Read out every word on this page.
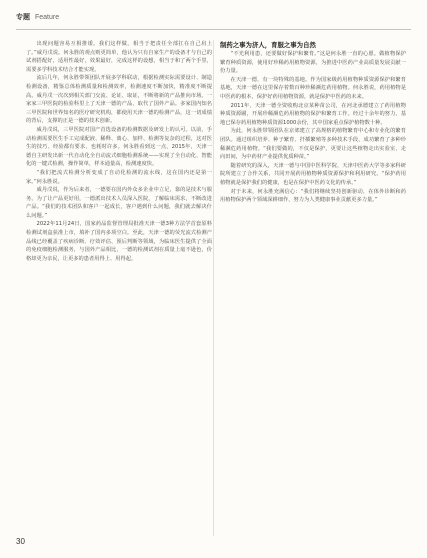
专题 Feature

出现问题容易互相推诿。我们这样做，相当于把责任全部扛在自己肩上了。”威丹戊说。何永胜的观点则更简单，他认为只有自家生产的设备才与自己的试剂搭配好，适用性最好，效果最好，完成这样的设想，相当于和了两个手里，需要多学科技术结合才能实现。

流后几年，何永胜带领团队开展多学科联动，根据检测实际需要设计、制造检测设备，精鉴总体检测质量和检测效率，检测速度不断加快，精准度不断提高。威丹戊一次次到相关部门交流、论证、取证，不断将新的产品推向市场。一家家三甲医院的检验科里上了天津一德的产品，取代了国外产品。多家国内知名三甲医院和世界知名的医疗研究机构，都使用天津一德的检测产品，这一切成绩的背后，支撑的正是一德的技术创新。

威丹戊说，三甲医院对国产首选设备的检测数据及研发上的认可。以前，手动检测需要医生手工完成配液、稀释、离心、加样、检测等复杂的过程，这对医生的技巧、经验都有要求，也耗时许多。何永胜看到这一点，2015年，天津一德自主研发出新一代自动化全自动流式细胞检测系统——实现了全自动化、智能化的一键式检测，操作简单，样本通量高，检测速度快。

“我们把流式检测分析变成了自动化检测的流水线，这在国内还是第一家。”何永胜说。

威丹戊说，作为后来者，一德要在国内外众多企业中立足，靠的是技术与服务。为了让产品更好用，一德派出技术人员深入医院，了解临床需求，不断改进产品。“我们的技术团队和客户一起成长，客户遇到什么问题，我们就去解决什么问题。”

2022年11月24日，国家药品监督管理局批准天津一德3种方法学首套原料检测试剂盒获准上市，填补了国内多项空白。至此，天津一德的荧光流式检测产品线已经覆盖了疾病诊断、疗效评估、预后判断等领域，为临床医生提供了全面的免疫细胞检测服务，与国外产品相比，一德的检测试剂在质量上毫不逊色，价格却更为亲民，让更多的患者用得上、用得起。

制药之事为济人，育服之事为自然

“不光利用患，还要做好保护和繁育。”这是何永胜一直的心愿。做植物保护繁育种质资源，使用好珍稀药用植物资源，为推进中医药产业高质量发展贡献一份力量。

在天津一德，有一块特殊的基地。作为国家级药用植物种质资源保护和繁育基地，天津一德在这里保存着数百种珍稀濒危药用植物。何永胜说，药用植物是中医药的根本，保护好药用植物资源，就是保护中医药的未来。

2011年，天津一德全资收购北京某种苗公司，在河北承德建立了药用植物种质资源圃，开展珍稀濒危药用植物的保护和繁育工作。经过十余年的努力，基地已保存药用植物种质资源1000余份，其中国家重点保护植物数十种。

为此，何永胜带领团队在京郊建立了高规格的植物繁育中心和专业化的繁育团队。通过组织培养、种子繁育、扦插繁殖等多种技术手段，成功繁育了多种珍稀濒危药用植物。“我们要做的，不仅是保护，更要让这些植物走出实验室，走向田间，为中药材产业提供优质种苗。”

随着研究的深入，天津一德与中国中医科学院、天津中医药大学等多家科研院所建立了合作关系，共同开展药用植物种质资源保护和利用研究。“保护药用植物就是保护我们的健康，也是在保护中医药文化的传承。”

对于未来，何永胜充满信心：“我们将继续坚持创新驱动，在体外诊断和药用植物保护两个领域深耕细作，努力为人类健康事业贡献更多力量。”

30
